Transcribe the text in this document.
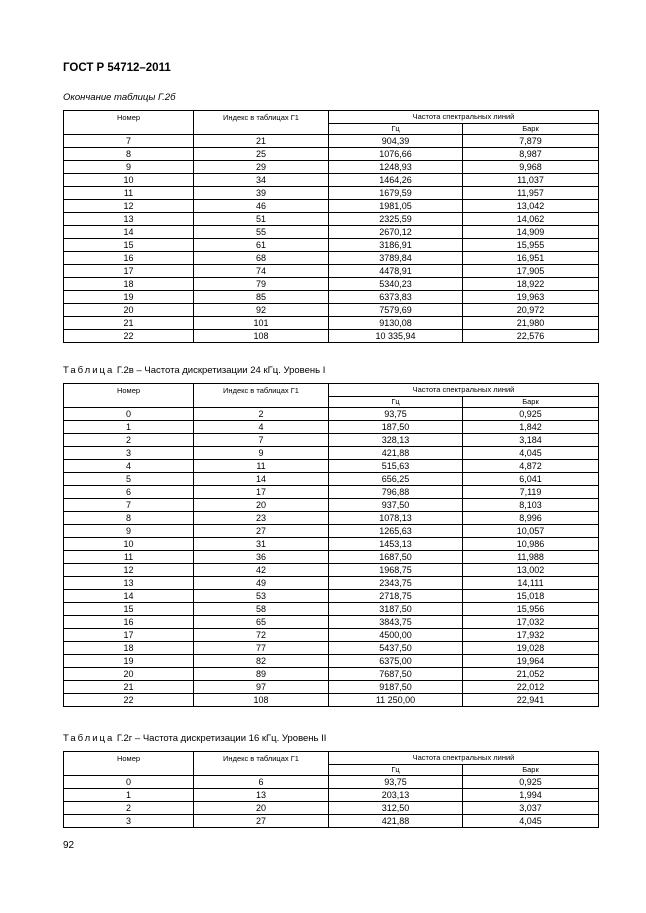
ГОСТ Р 54712–2011
Окончание таблицы Г.2б
Номер	Индекс в таблицах Г1	Частота спектральных линий	
		Гц	Барк
7	21	904,39	7,879
8	25	1076,66	8,987
9	29	1248,93	9,968
10	34	1464,26	11,037
11	39	1679,59	11,957
12	46	1981,05	13,042
13	51	2325,59	14,062
14	55	2670,12	14,909
15	61	3186,91	15,955
16	68	3789,84	16,951
17	74	4478,91	17,905
18	79	5340,23	18,922
19	85	6373,83	19,963
20	92	7579,69	20,972
21	101	9130,08	21,980
22	108	10 335,94	22,576
Таблица Г.2в – Частота дискретизации 24 кГц. Уровень I
Номер	Индекс в таблицах Г1	Частота спектральных линий	
		Гц	Барк
0	2	93,75	0,925
1	4	187,50	1,842
2	7	328,13	3,184
3	9	421,88	4,045
4	11	515,63	4,872
5	14	656,25	6,041
6	17	796,88	7,119
7	20	937,50	8,103
8	23	1078,13	8,996
9	27	1265,63	10,057
10	31	1453,13	10,986
11	36	1687,50	11,988
12	42	1968,75	13,002
13	49	2343,75	14,111
14	53	2718,75	15,018
15	58	3187,50	15,956
16	65	3843,75	17,032
17	72	4500,00	17,932
18	77	5437,50	19,028
19	82	6375,00	19,964
20	89	7687,50	21,052
21	97	9187,50	22,012
22	108	11 250,00	22,941
Таблица Г.2г – Частота дискретизации 16 кГц. Уровень II
Номер	Индекс в таблицах Г1	Частота спектральных линий	
		Гц	Барк
0	6	93,75	0,925
1	13	203,13	1,994
2	20	312,50	3,037
3	27	421,88	4,045
92
